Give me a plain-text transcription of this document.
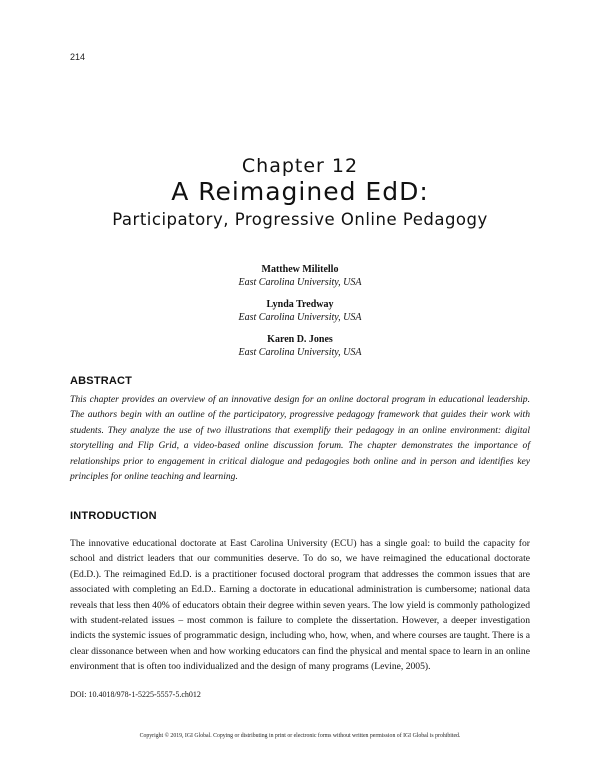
214
Chapter 12
A Reimagined EdD:
Participatory, Progressive Online Pedagogy
Matthew Militello
East Carolina University, USA
Lynda Tredway
East Carolina University, USA
Karen D. Jones
East Carolina University, USA
ABSTRACT
This chapter provides an overview of an innovative design for an online doctoral program in educational leadership. The authors begin with an outline of the participatory, progressive pedagogy framework that guides their work with students. They analyze the use of two illustrations that exemplify their pedagogy in an online environment: digital storytelling and Flip Grid, a video-based online discussion forum. The chapter demonstrates the importance of relationships prior to engagement in critical dialogue and pedagogies both online and in person and identifies key principles for online teaching and learning.
INTRODUCTION
The innovative educational doctorate at East Carolina University (ECU) has a single goal: to build the capacity for school and district leaders that our communities deserve. To do so, we have reimagined the educational doctorate (Ed.D.). The reimagined Ed.D. is a practitioner focused doctoral program that addresses the common issues that are associated with completing an Ed.D.. Earning a doctorate in educational administration is cumbersome; national data reveals that less then 40% of educators obtain their degree within seven years. The low yield is commonly pathologized with student-related issues – most common is failure to complete the dissertation. However, a deeper investigation indicts the systemic issues of programmatic design, including who, how, when, and where courses are taught. There is a clear dissonance between when and how working educators can find the physical and mental space to learn in an online environment that is often too individualized and the design of many programs (Levine, 2005).
DOI: 10.4018/978-1-5225-5557-5.ch012
Copyright © 2019, IGI Global. Copying or distributing in print or electronic forms without written permission of IGI Global is prohibited.
